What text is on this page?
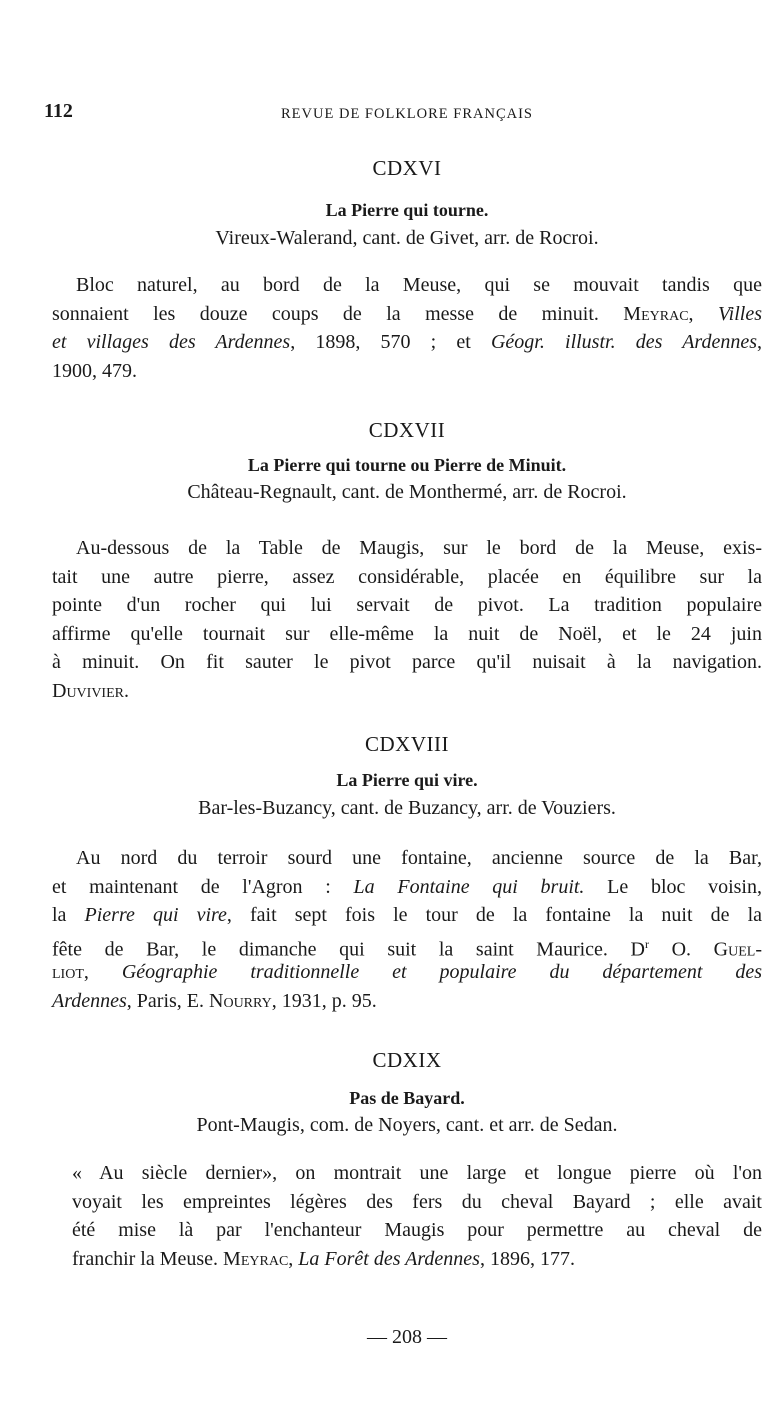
112	REVUE DE FOLKLORE FRANÇAIS
CDXVI
La Pierre qui tourne.
Vireux-Walerand, cant. de Givet, arr. de Rocroi.
Bloc naturel, au bord de la Meuse, qui se mouvait tandis que
sonnaient les douze coups de la messe de minuit. Meyrac, Villes
et villages des Ardennes, 1898, 570 ; et Géogr. illustr. des Ardennes,
1900, 479.
CDXVII
La Pierre qui tourne ou Pierre de Minuit.
Château-Regnault, cant. de Monthermé, arr. de Rocroi.
Au-dessous de la Table de Maugis, sur le bord de la Meuse, exis-
tait une autre pierre, assez considérable, placée en équilibre sur la
pointe d'un rocher qui lui servait de pivot. La tradition populaire
affirme qu'elle tournait sur elle-même la nuit de Noël, et le 24 juin
à minuit. On fit sauter le pivot parce qu'il nuisait à la navigation.
Duvivier.
CDXVIII
La Pierre qui vire.
Bar-les-Buzancy, cant. de Buzancy, arr. de Vouziers.
Au nord du terroir sourd une fontaine, ancienne source de la Bar,
et maintenant de l'Agron : La Fontaine qui bruit. Le bloc voisin,
la Pierre qui vire, fait sept fois le tour de la fontaine la nuit de la
fête de Bar, le dimanche qui suit la saint Maurice. $D^r$ O. Guel-
liot, Géographie traditionnelle et populaire du département des
Ardennes, Paris, E. Nourry, 1931, p. 95.
CDXIX
Pas de Bayard.
Pont-Maugis, com. de Noyers, cant. et arr. de Sedan.
« Au siècle dernier», on montrait une large et longue pierre où l'on
voyait les empreintes légères des fers du cheval Bayard ; elle avait
été mise là par l'enchanteur Maugis pour permettre au cheval de
franchir la Meuse. Meyrac, La Forêt des Ardennes, 1896, 177.
— 208 —
